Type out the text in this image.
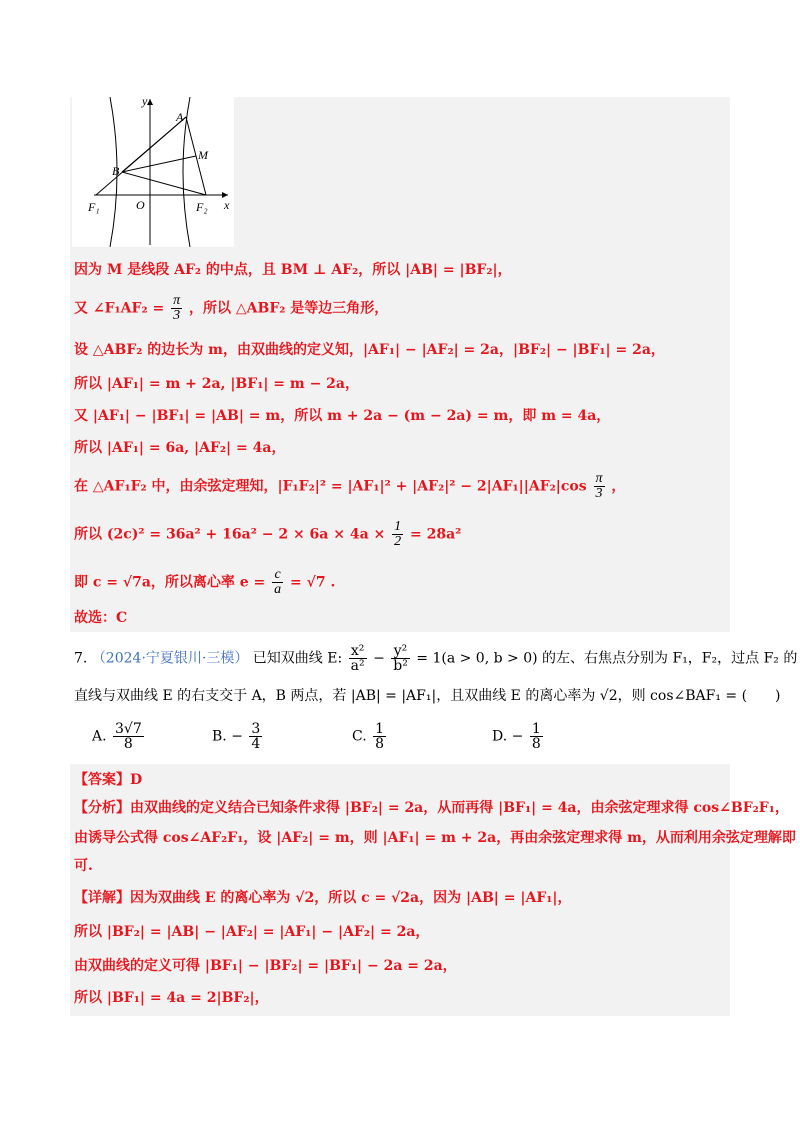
y
A
M
B
F₁	O	F₂ x
因为 M 是线段 AF₂ 的中点，且 BM ⊥ AF₂，所以 |AB| = |BF₂|，
又 ∠F₁AF₂ = $\frac{\pi}{3}$ ，所以 △ABF₂ 是等边三角形，
设 △ABF₂ 的边长为 m，由双曲线的定义知，|AF₁| − |AF₂| = 2a，|BF₂| − |BF₁| = 2a，
所以 |AF₁| = m + 2a, |BF₁| = m − 2a，
又 |AF₁| − |BF₁| = |AB| = m，所以 m + 2a − (m − 2a) = m，即 m = 4a，
所以 |AF₁| = 6a, |AF₂| = 4a，
在 △AF₁F₂ 中，由余弦定理知，$|F_1F_2|^2 = |AF_1|^2 + |AF_2|^2 - 2|AF_1||AF_2|\cos \frac{\pi}{3}$ ，
所以 $(2c)^2 = 36a^2 + 16a^2 - 2 \times 6a \times 4a \times \frac{1}{2} = 28a^2$
即 c = √7a，所以离心率 $e = \frac{c}{a} = √7$ .
故选：C
7. （2024·宁夏银川·三模） 已知双曲线 E: $\frac{\text{x²}}{\text{a²}} - \frac{\text{y²}}{\text{b²}} = 1(a > 0$, b > 0) 的左、右焦点分别为 F₁，F₂，过点 F₂ 的
直线与双曲线 E 的右支交于 A，B 两点，若 |AB| = |AF₁|，且双曲线 E 的离心率为 √2，则 cos∠BAF₁ = (　　)
A. $\frac{3√7}{8}$	B. − $\frac{3}{4}$	C. $\frac{1}{8}$	D. − $\frac{1}{8}$
【答案】D
【分析】由双曲线的定义结合已知条件求得 |BF₂| = 2a，从而再得 |BF₁| = 4a，由余弦定理求得 cos∠BF₂F₁，
由诱导公式得 cos∠AF₂F₁，设 |AF₂| = m，则 |AF₁| = m + 2a，再由余弦定理求得 m，从而利用余弦定理解即
可.
【详解】因为双曲线 E 的离心率为 √2，所以 c = √2a，因为 |AB| = |AF₁|，
所以 |BF₂| = |AB| − |AF₂| = |AF₁| − |AF₂| = 2a，
由双曲线的定义可得 |BF₁| − |BF₂| = |BF₁| − 2a = 2a，
所以 |BF₁| = 4a = 2|BF₂|，
